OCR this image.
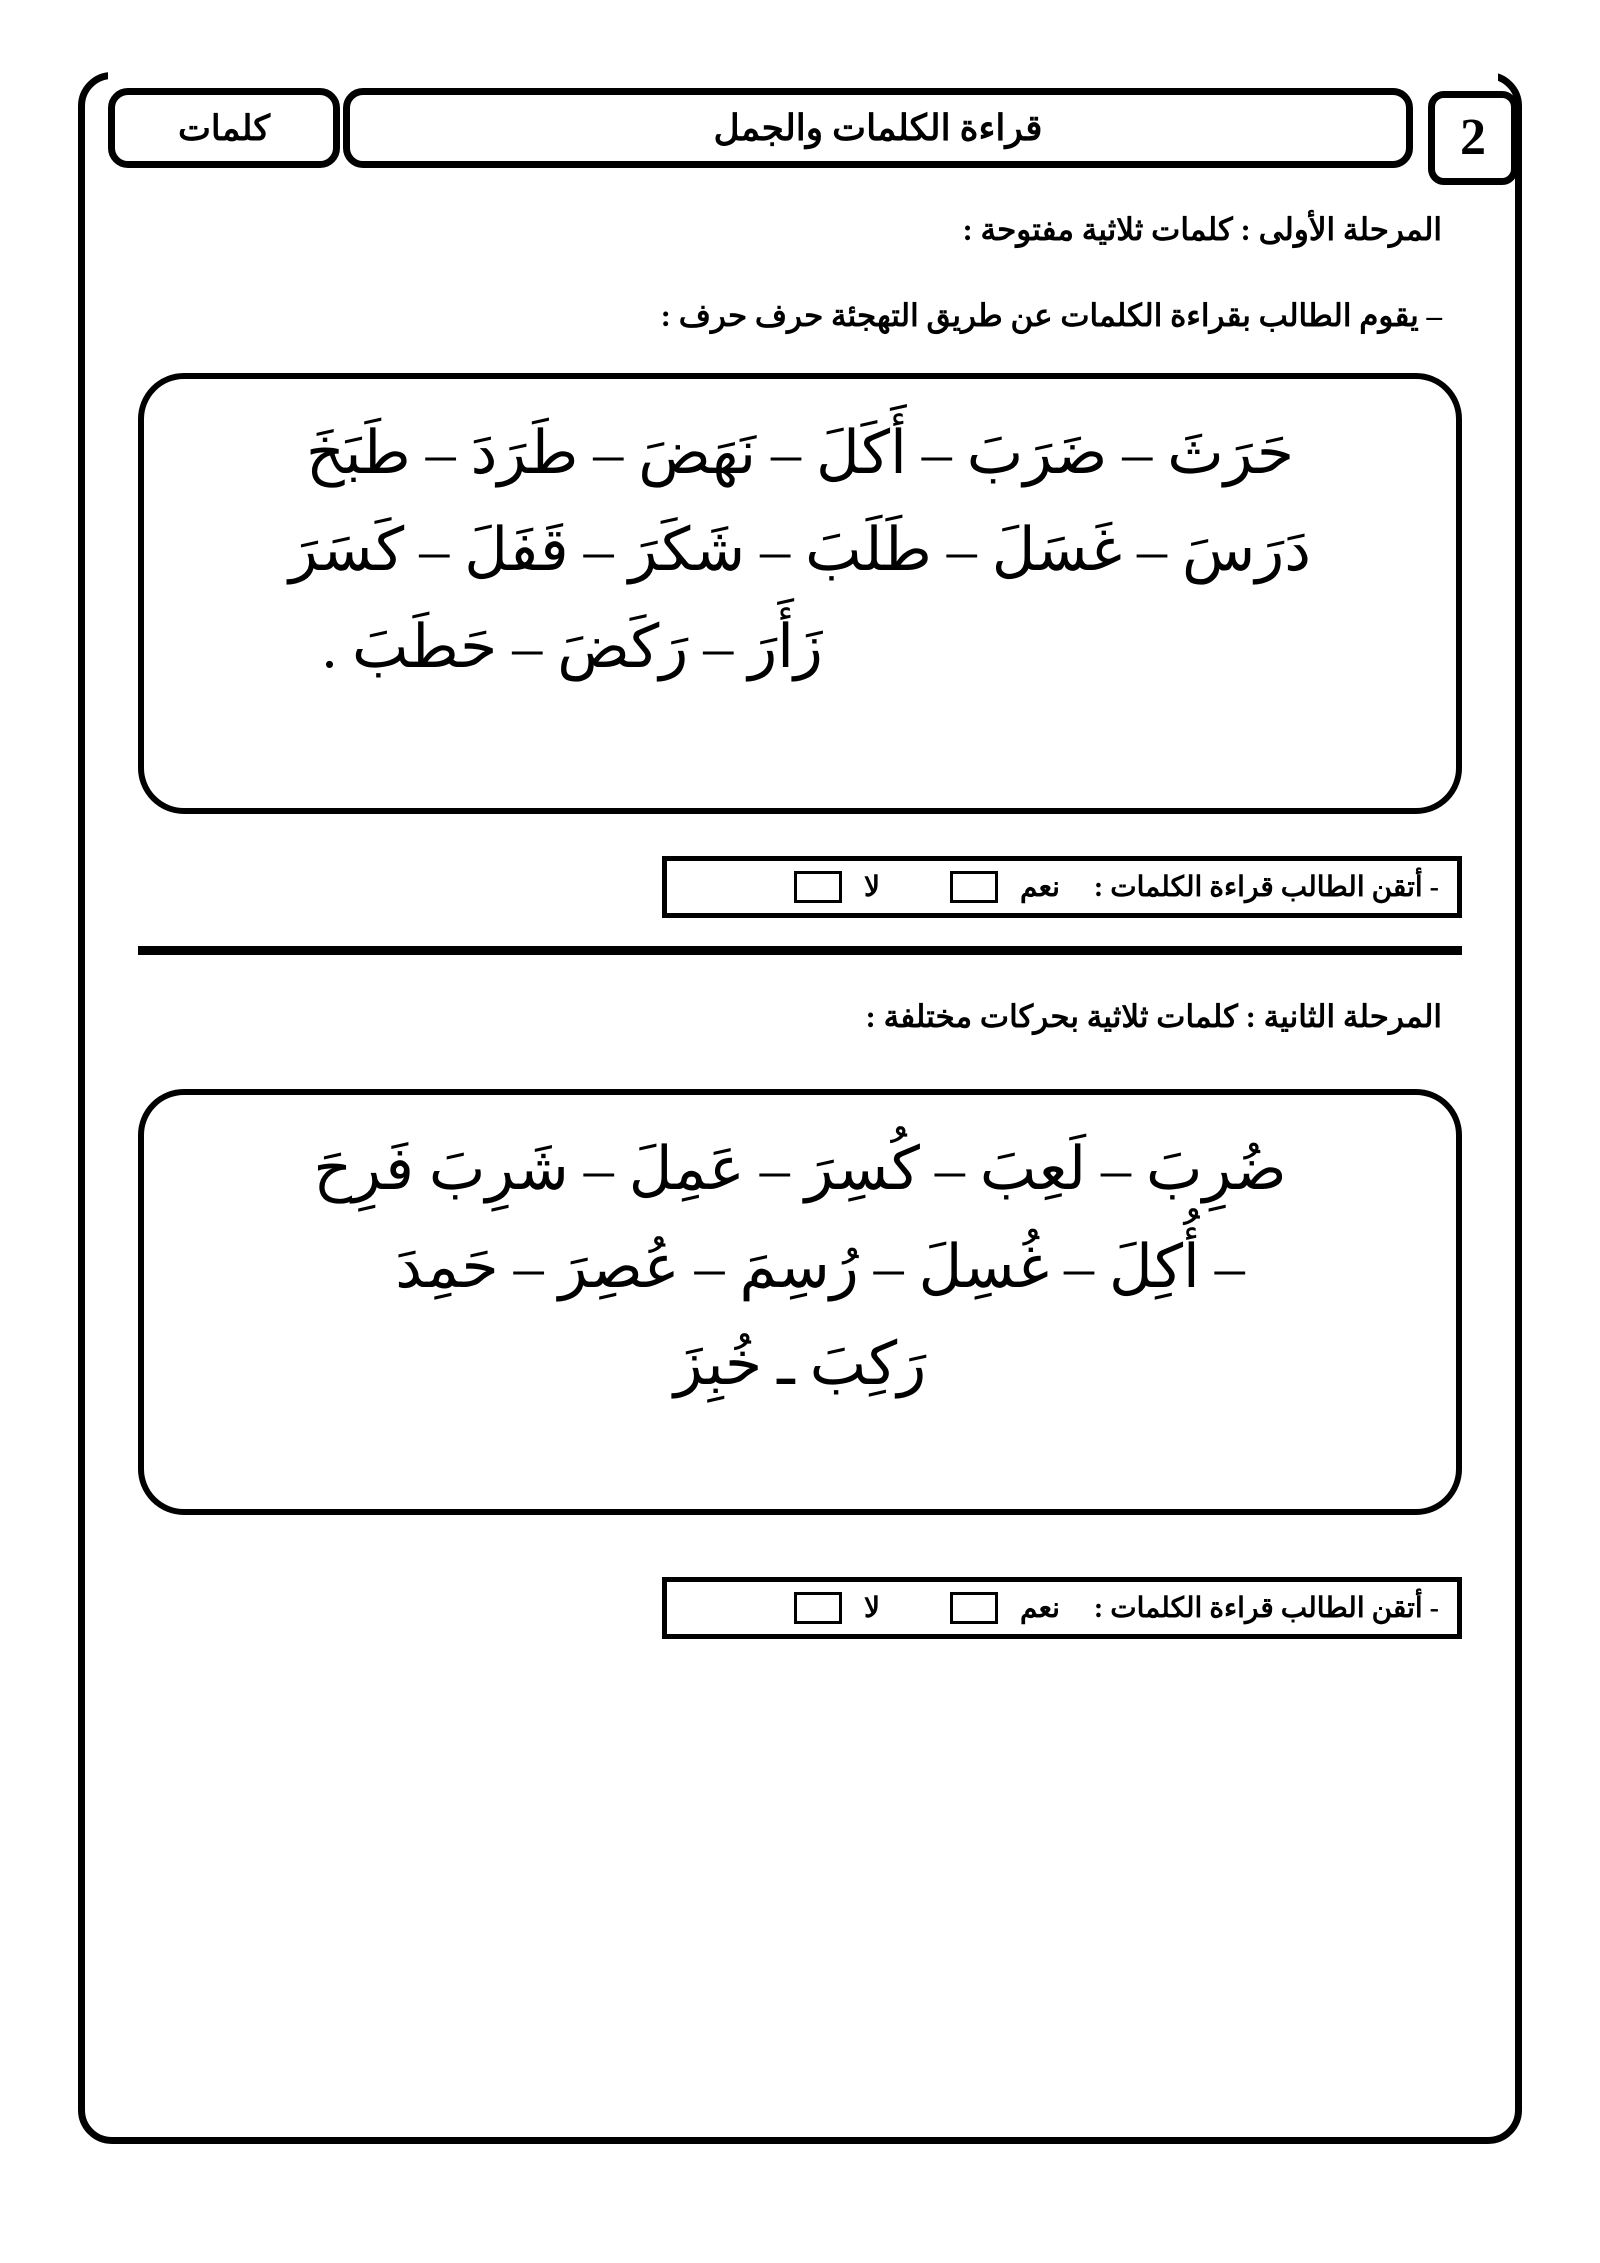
كلمات	قراءة الكلمات والجمل	2

المرحلة الأولى : كلمات ثلاثية مفتوحة :

– يقوم الطالب بقراءة الكلمات عن طريق التهجئة حرف حرف :

حَرَثَ – ضَرَبَ – أَكَلَ – نَهَضَ – طَرَدَ – طَبَخَ
دَرَسَ – غَسَلَ – طَلَبَ – شَكَرَ – قَفَلَ – كَسَرَ
زَأَرَ – رَكَضَ – حَطَبَ .
- أتقن الطالب قراءة الكلمات :
نعم
لا

المرحلة الثانية : كلمات ثلاثية بحركات مختلفة :

ضُرِبَ – لَعِبَ – كُسِرَ – عَمِلَ – شَرِبَ فَرِحَ
– أُكِلَ – غُسِلَ – رُسِمَ – عُصِرَ – حَمِدَ
رَكِبَ ـ خُبِزَ
- أتقن الطالب قراءة الكلمات :
نعم
لا
